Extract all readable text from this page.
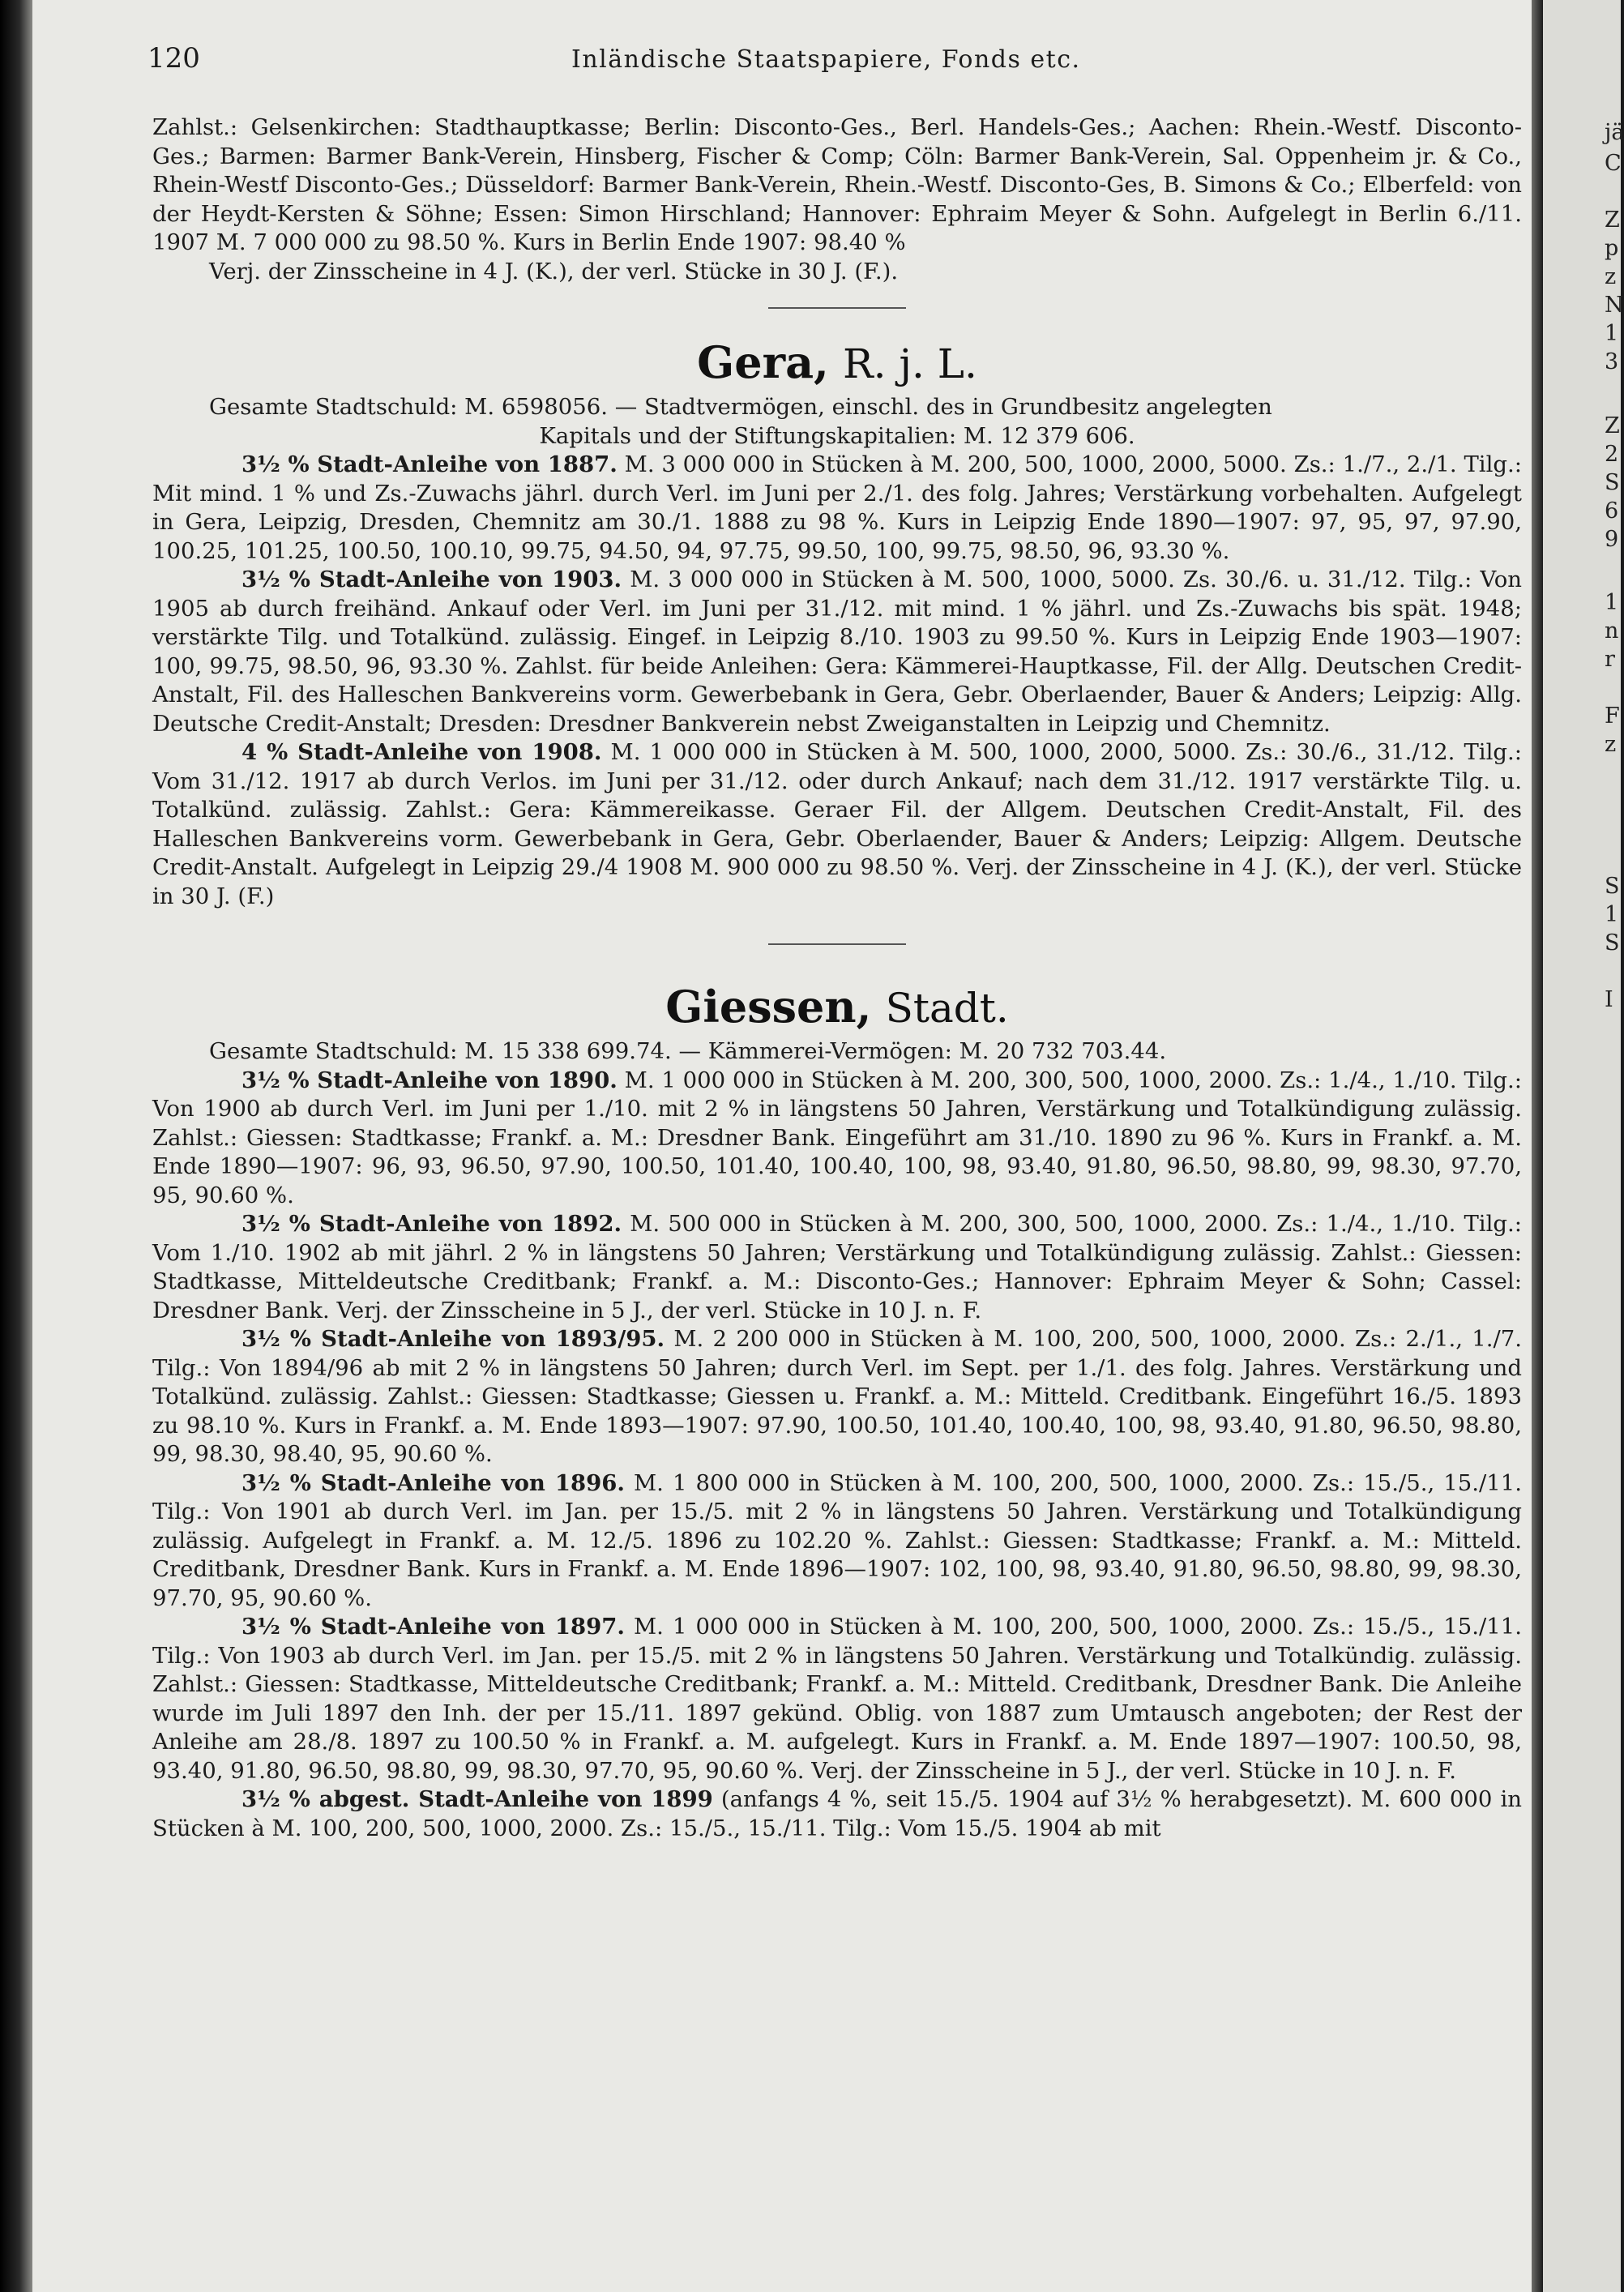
120	Inländische Staatspapiere, Fonds etc.

Zahlst.: Gelsenkirchen: Stadthauptkasse; Berlin: Disconto-Ges., Berl. Handels-Ges.; Aachen: Rhein.-Westf. Disconto-Ges.; Barmen: Barmer Bank-Verein, Hinsberg, Fischer & Comp; Cöln: Barmer Bank-Verein, Sal. Oppenheim jr. & Co., Rhein-Westf Disconto-Ges.; Düsseldorf: Barmer Bank-Verein, Rhein.-Westf. Disconto-Ges, B. Simons & Co.; Elberfeld: von der Heydt-Kersten & Söhne; Essen: Simon Hirschland; Hannover: Ephraim Meyer & Sohn. Aufgelegt in Berlin 6./11. 1907 M. 7 000 000 zu 98.50 %. Kurs in Berlin Ende 1907: 98.40 %

Verj. der Zinsscheine in 4 J. (K.), der verl. Stücke in 30 J. (F.).

Gera, R. j. L.

Gesamte Stadtschuld: M. 6598056. — Stadtvermögen, einschl. des in Grundbesitz angelegten

Kapitals und der Stiftungskapitalien: M. 12 379 606.

3½ % Stadt-Anleihe von 1887. M. 3 000 000 in Stücken à M. 200, 500, 1000, 2000, 5000. Zs.: 1./7., 2./1. Tilg.: Mit mind. 1 % und Zs.-Zuwachs jährl. durch Verl. im Juni per 2./1. des folg. Jahres; Verstärkung vorbehalten. Aufgelegt in Gera, Leipzig, Dresden, Chemnitz am 30./1. 1888 zu 98 %. Kurs in Leipzig Ende 1890—1907: 97, 95, 97, 97.90, 100.25, 101.25, 100.50, 100.10, 99.75, 94.50, 94, 97.75, 99.50, 100, 99.75, 98.50, 96, 93.30 %.

3½ % Stadt-Anleihe von 1903. M. 3 000 000 in Stücken à M. 500, 1000, 5000. Zs. 30./6. u. 31./12. Tilg.: Von 1905 ab durch freihänd. Ankauf oder Verl. im Juni per 31./12. mit mind. 1 % jährl. und Zs.-Zuwachs bis spät. 1948; verstärkte Tilg. und Totalkünd. zulässig. Eingef. in Leipzig 8./10. 1903 zu 99.50 %. Kurs in Leipzig Ende 1903—1907: 100, 99.75, 98.50, 96, 93.30 %. Zahlst. für beide Anleihen: Gera: Kämmerei-Hauptkasse, Fil. der Allg. Deutschen Credit-Anstalt, Fil. des Halleschen Bankvereins vorm. Gewerbebank in Gera, Gebr. Oberlaender, Bauer & Anders; Leipzig: Allg. Deutsche Credit-Anstalt; Dresden: Dresdner Bankverein nebst Zweiganstalten in Leipzig und Chemnitz.

4 % Stadt-Anleihe von 1908. M. 1 000 000 in Stücken à M. 500, 1000, 2000, 5000. Zs.: 30./6., 31./12. Tilg.: Vom 31./12. 1917 ab durch Verlos. im Juni per 31./12. oder durch Ankauf; nach dem 31./12. 1917 verstärkte Tilg. u. Totalkünd. zulässig. Zahlst.: Gera: Kämmereikasse. Geraer Fil. der Allgem. Deutschen Credit-Anstalt, Fil. des Halleschen Bankvereins vorm. Gewerbebank in Gera, Gebr. Oberlaender, Bauer & Anders; Leipzig: Allgem. Deutsche Credit-Anstalt. Aufgelegt in Leipzig 29./4 1908 M. 900 000 zu 98.50 %. Verj. der Zinsscheine in 4 J. (K.), der verl. Stücke in 30 J. (F.)

Giessen, Stadt.

Gesamte Stadtschuld: M. 15 338 699.74. — Kämmerei-Vermögen: M. 20 732 703.44.

3½ % Stadt-Anleihe von 1890. M. 1 000 000 in Stücken à M. 200, 300, 500, 1000, 2000. Zs.: 1./4., 1./10. Tilg.: Von 1900 ab durch Verl. im Juni per 1./10. mit 2 % in längstens 50 Jahren, Verstärkung und Totalkündigung zulässig. Zahlst.: Giessen: Stadtkasse; Frankf. a. M.: Dresdner Bank. Eingeführt am 31./10. 1890 zu 96 %. Kurs in Frankf. a. M. Ende 1890—1907: 96, 93, 96.50, 97.90, 100.50, 101.40, 100.40, 100, 98, 93.40, 91.80, 96.50, 98.80, 99, 98.30, 97.70, 95, 90.60 %.

3½ % Stadt-Anleihe von 1892. M. 500 000 in Stücken à M. 200, 300, 500, 1000, 2000. Zs.: 1./4., 1./10. Tilg.: Vom 1./10. 1902 ab mit jährl. 2 % in längstens 50 Jahren; Verstärkung und Totalkündigung zulässig. Zahlst.: Giessen: Stadtkasse, Mitteldeutsche Creditbank; Frankf. a. M.: Disconto-Ges.; Hannover: Ephraim Meyer & Sohn; Cassel: Dresdner Bank. Verj. der Zinsscheine in 5 J., der verl. Stücke in 10 J. n. F.

3½ % Stadt-Anleihe von 1893/95. M. 2 200 000 in Stücken à M. 100, 200, 500, 1000, 2000. Zs.: 2./1., 1./7. Tilg.: Von 1894/96 ab mit 2 % in längstens 50 Jahren; durch Verl. im Sept. per 1./1. des folg. Jahres. Verstärkung und Totalkünd. zulässig. Zahlst.: Giessen: Stadtkasse; Giessen u. Frankf. a. M.: Mitteld. Creditbank. Eingeführt 16./5. 1893 zu 98.10 %. Kurs in Frankf. a. M. Ende 1893—1907: 97.90, 100.50, 101.40, 100.40, 100, 98, 93.40, 91.80, 96.50, 98.80, 99, 98.30, 98.40, 95, 90.60 %.

3½ % Stadt-Anleihe von 1896. M. 1 800 000 in Stücken à M. 100, 200, 500, 1000, 2000. Zs.: 15./5., 15./11. Tilg.: Von 1901 ab durch Verl. im Jan. per 15./5. mit 2 % in längstens 50 Jahren. Verstärkung und Totalkündigung zulässig. Aufgelegt in Frankf. a. M. 12./5. 1896 zu 102.20 %. Zahlst.: Giessen: Stadtkasse; Frankf. a. M.: Mitteld. Creditbank, Dresdner Bank. Kurs in Frankf. a. M. Ende 1896—1907: 102, 100, 98, 93.40, 91.80, 96.50, 98.80, 99, 98.30, 97.70, 95, 90.60 %.

3½ % Stadt-Anleihe von 1897. M. 1 000 000 in Stücken à M. 100, 200, 500, 1000, 2000. Zs.: 15./5., 15./11. Tilg.: Von 1903 ab durch Verl. im Jan. per 15./5. mit 2 % in längstens 50 Jahren. Verstärkung und Totalkündig. zulässig. Zahlst.: Giessen: Stadtkasse, Mitteldeutsche Creditbank; Frankf. a. M.: Mitteld. Creditbank, Dresdner Bank. Die Anleihe wurde im Juli 1897 den Inh. der per 15./11. 1897 gekünd. Oblig. von 1887 zum Umtausch angeboten; der Rest der Anleihe am 28./8. 1897 zu 100.50 % in Frankf. a. M. aufgelegt. Kurs in Frankf. a. M. Ende 1897—1907: 100.50, 98, 93.40, 91.80, 96.50, 98.80, 99, 98.30, 97.70, 95, 90.60 %. Verj. der Zinsscheine in 5 J., der verl. Stücke in 10 J. n. F.

3½ % abgest. Stadt-Anleihe von 1899 (anfangs 4 %, seit 15./5. 1904 auf 3½ % herabgesetzt). M. 600 000 in Stücken à M. 100, 200, 500, 1000, 2000. Zs.: 15./5., 15./11. Tilg.: Vom 15./5. 1904 ab mit

jä
C
Z
p
z
N
1
3
Z
2
S
6
9
1
n
r
F
z
S
1
S
I
